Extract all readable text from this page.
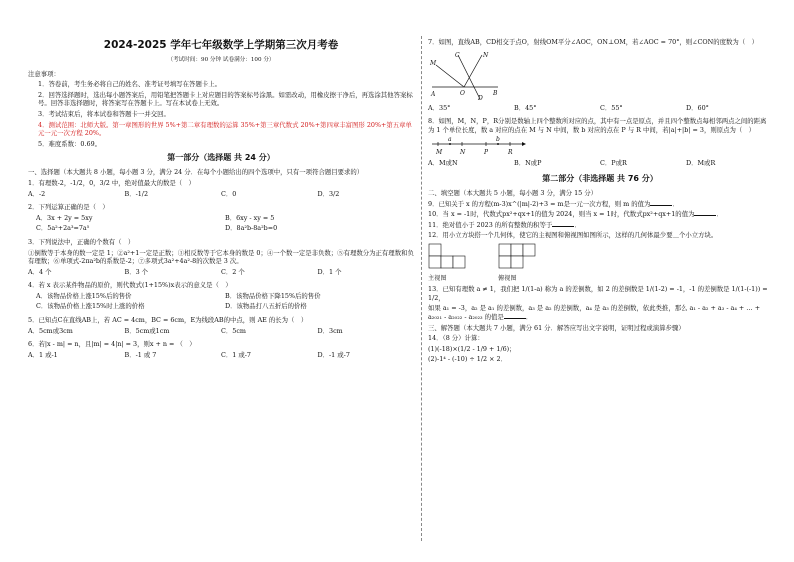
2024-2025 学年七年级数学上学期第三次月考卷
（考试时间：90 分钟 试卷满分：100 分）
注意事项：
1．答卷前，考生务必将自己的姓名、准考证号填写在答题卡上。
2．回答选择题时，选出每小题答案后，用铅笔把答题卡上对应题目的答案标号涂黑。如需改动，用橡皮擦干净后，再选涂其他答案标号。回答非选择题时，将答案写在答题卡上。写在本试卷上无效。
3．考试结束后，将本试卷和答题卡一并交回。
4．测试范围：北师大版。第一章图形的世界 5%+第二章有理数的运算 35%+第三章代数式 20%+第四章丰富图形 20%+第五章单元一元一次方程 20%。
5．难度系数：0.69。
第一部分（选择题 共 24 分）
一、选择题（本大题共 8 小题，每小题 3 分，满分 24 分．在每个小题给出的四个选项中，只有一项符合题目要求的）
1．有理数-2，-1/2，0，3/2 中，绝对值最大的数是（　）
A．-2	B．-1/2	C．0	D．3/2
2．下列运算正确的是（　）
A．3x + 2y = 5xy	B．6xy - xy = 5
C．5a²+2a³=7a⁵	D．8a²b-8a²b=0
3．下列说法中，正确的个数有（　）
①倒数等于本身的数一定是 1；②a²+1一定是正数；③相反数等于它本身的数是 0；④一个数一定是非负数；⑤有理数分为正有理数和负有理数；⑥单项式-2πa²b的系数是-2；⑦多项式3a²+4a²-8的次数是 3 次。
A．4 个	B．3 个	C．2 个	D．1 个
4．若 x 表示某件物品的原价，则代数式(1+15%)x表示的意义是（　）
A．该物品价格上涨15%后的售价	B．该物品价格下降15%后的售价
C．该物品价格上涨15%时上涨的价格	D．该物品打八五折后的价格
5．已知点C在直线AB上，若 AC = 4cm，BC = 6cm，E为线段AB的中点，则 AE 的长为（　）
A．5cm或3cm	B．5cm或1cm	C．5cm	D．3cm
6．若|x - m| = n，且|m| = 4|n| = 3，则x + n = （　）
A．1 或-1	B．-1 或 7	C．1 或-7	D．-1 或-7
7．如图，直线AB，CD相交于点O，射线OM平分∠AOC，ON⊥OM，若∠AOC = 70°，则∠CON的度数为（　）
M
C	N
A	O	B
D
A．35°	B．45°	C．55°	D．60°
8．如图，M，N，P，R分别是数轴上四个整数所对应的点，其中有一点是原点，并且四个整数点每相邻两点之间的距离为 1 个单位长度，数 a 对应的点在 M 与 N 中间，数 b 对应的点在 P 与 R 中间，若|a|+|b| = 3，则原点为（　）
M
a
N	P
b
R
A．M或N	B．N或P	C．P或R	D．M或R
第二部分（非选择题 共 76 分）
二、填空题（本大题共 5 小题，每小题 3 分，满分 15 分）
9．已知关于 x 的方程(m-3)x^(|m|-2)+3 = m是一元一次方程，则 m 的值为	．
10．当 x = -1时，代数式px²+qx+1的值为 2024，则当 x = 1时，代数式px²+qx+1的值为	．
11．绝对值小于 2023 的所有整数的积等于	．
12．用小立方块搭一个几何体，使它的主视图和俯视图如图所示，这样的几何体最少要＿个小立方块。
主视图	俯视图
13．已知有理数 a ≠ 1，我们把 1/(1-a) 称为 a 的差倒数，如 2 的差倒数是 1/(1-2) = -1，-1 的差倒数是 1/(1-(-1)) = 1/2，
如果 a₁ = -3，a₂ 是 a₁ 的差倒数，a₃ 是 a₂ 的差倒数，a₄ 是 a₃ 的差倒数，依此类推，那么 a₁ - a₂ + a₃ - a₄ + … + a₂₀₂₁ - a₂₀₂₂ - a₂₀₂₃ 的值是	．
三、解答题（本大题共 7 小题，满分 61 分．解答应写出文字说明，证明过程或演算步骤）
14．（8 分）计算：
(1)(-18)×(1/2 - 1/9 + 1/6)；
(2)-1⁴ - (-10) ÷ 1/2 × 2．
